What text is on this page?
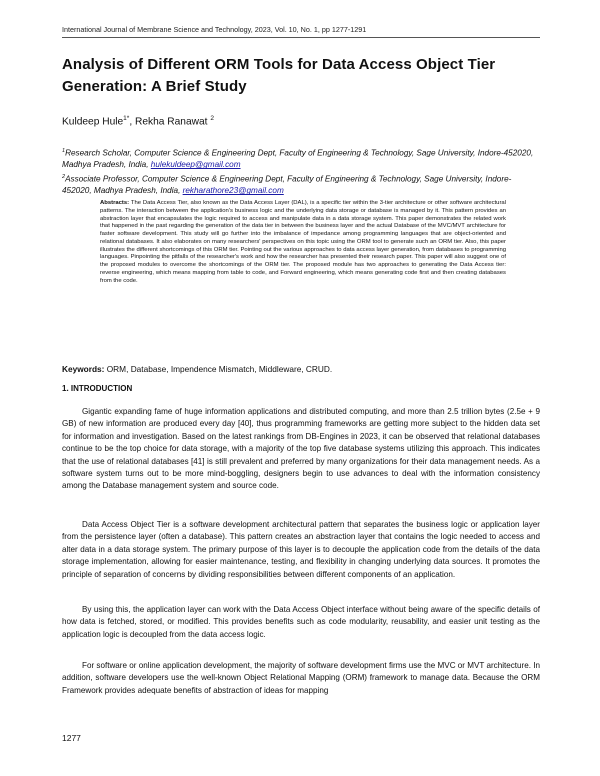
International Journal of Membrane Science and Technology, 2023, Vol. 10, No. 1, pp 1277-1291
Analysis of Different ORM Tools for Data Access Object Tier Generation: A Brief Study
Kuldeep Hule$^{1*}$, Rekha Ranawat $^2$
$^1$Research Scholar, Computer Science & Engineering Dept, Faculty of Engineering & Technology, Sage University, Indore-452020, Madhya Pradesh, India, hulekuldeep@gmail.com
$^2$Associate Professor, Computer Science & Engineering Dept, Faculty of Engineering & Technology, Sage University, Indore-452020, Madhya Pradesh, India, rekharathore23@gmail.com

Abstracts: The Data Access Tier, also known as the Data Access Layer (DAL), is a specific tier within the 3-tier architecture or other software architectural patterns. The interaction between the application's business logic and the underlying data storage or database is managed by it. This pattern provides an abstraction layer that encapsulates the logic required to access and manipulate data in a data storage system. This paper demonstrates the related work that happened in the past regarding the generation of the data tier in between the business layer and the actual Database of the MVC/MVT architecture for faster software development. This study will go further into the imbalance of impedance among programming languages that are object-oriented and relational databases. It also elaborates on many researchers' perspectives on this topic using the ORM tool to generate such an ORM tier. Also, this paper illustrates the different shortcomings of this ORM tier. Pointing out the various approaches to data access layer generation, from databases to programming languages. Pinpointing the pitfalls of the researcher's work and how the researcher has presented their research paper. This paper will also suggest one of the proposed modules to overcome the shortcomings of the ORM tier. The proposed module has two approaches to generating the Data Access tier: reverse engineering, which means mapping from table to code, and Forward engineering, which means generating code first and then creating databases from the code.

Keywords: ORM, Database, Impendence Mismatch, Middleware, CRUD.
1. INTRODUCTION

Gigantic expanding fame of huge information applications and distributed computing, and more than 2.5 trillion bytes (2.5e + 9 GB) of new information are produced every day [40], thus programming frameworks are getting more subject to the hidden data set for information and investigation. Based on the latest rankings from DB-Engines in 2023, it can be observed that relational databases continue to be the top choice for data storage, with a majority of the top five database systems utilizing this approach. This indicates that the use of relational databases [41] is still prevalent and preferred by many organizations for their data management needs. As a software system turns out to be more mind-boggling, designers begin to use advances to deal with the information consistency among the Database management system and source code.

Data Access Object Tier is a software development architectural pattern that separates the business logic or application layer from the persistence layer (often a database). This pattern creates an abstraction layer that contains the logic needed to access and alter data in a data storage system. The primary purpose of this layer is to decouple the application code from the details of the data storage implementation, allowing for easier maintenance, testing, and flexibility in changing underlying data sources. It promotes the principle of separation of concerns by dividing responsibilities between different components of an application.

By using this, the application layer can work with the Data Access Object interface without being aware of the specific details of how data is fetched, stored, or modified. This provides benefits such as code modularity, reusability, and easier unit testing as the application logic is decoupled from the data access logic.

For software or online application development, the majority of software development firms use the MVC or MVT architecture. In addition, software developers use the well-known Object Relational Mapping (ORM) framework to manage data. Because the ORM Framework provides adequate benefits of abstraction of ideas for mapping

1277
